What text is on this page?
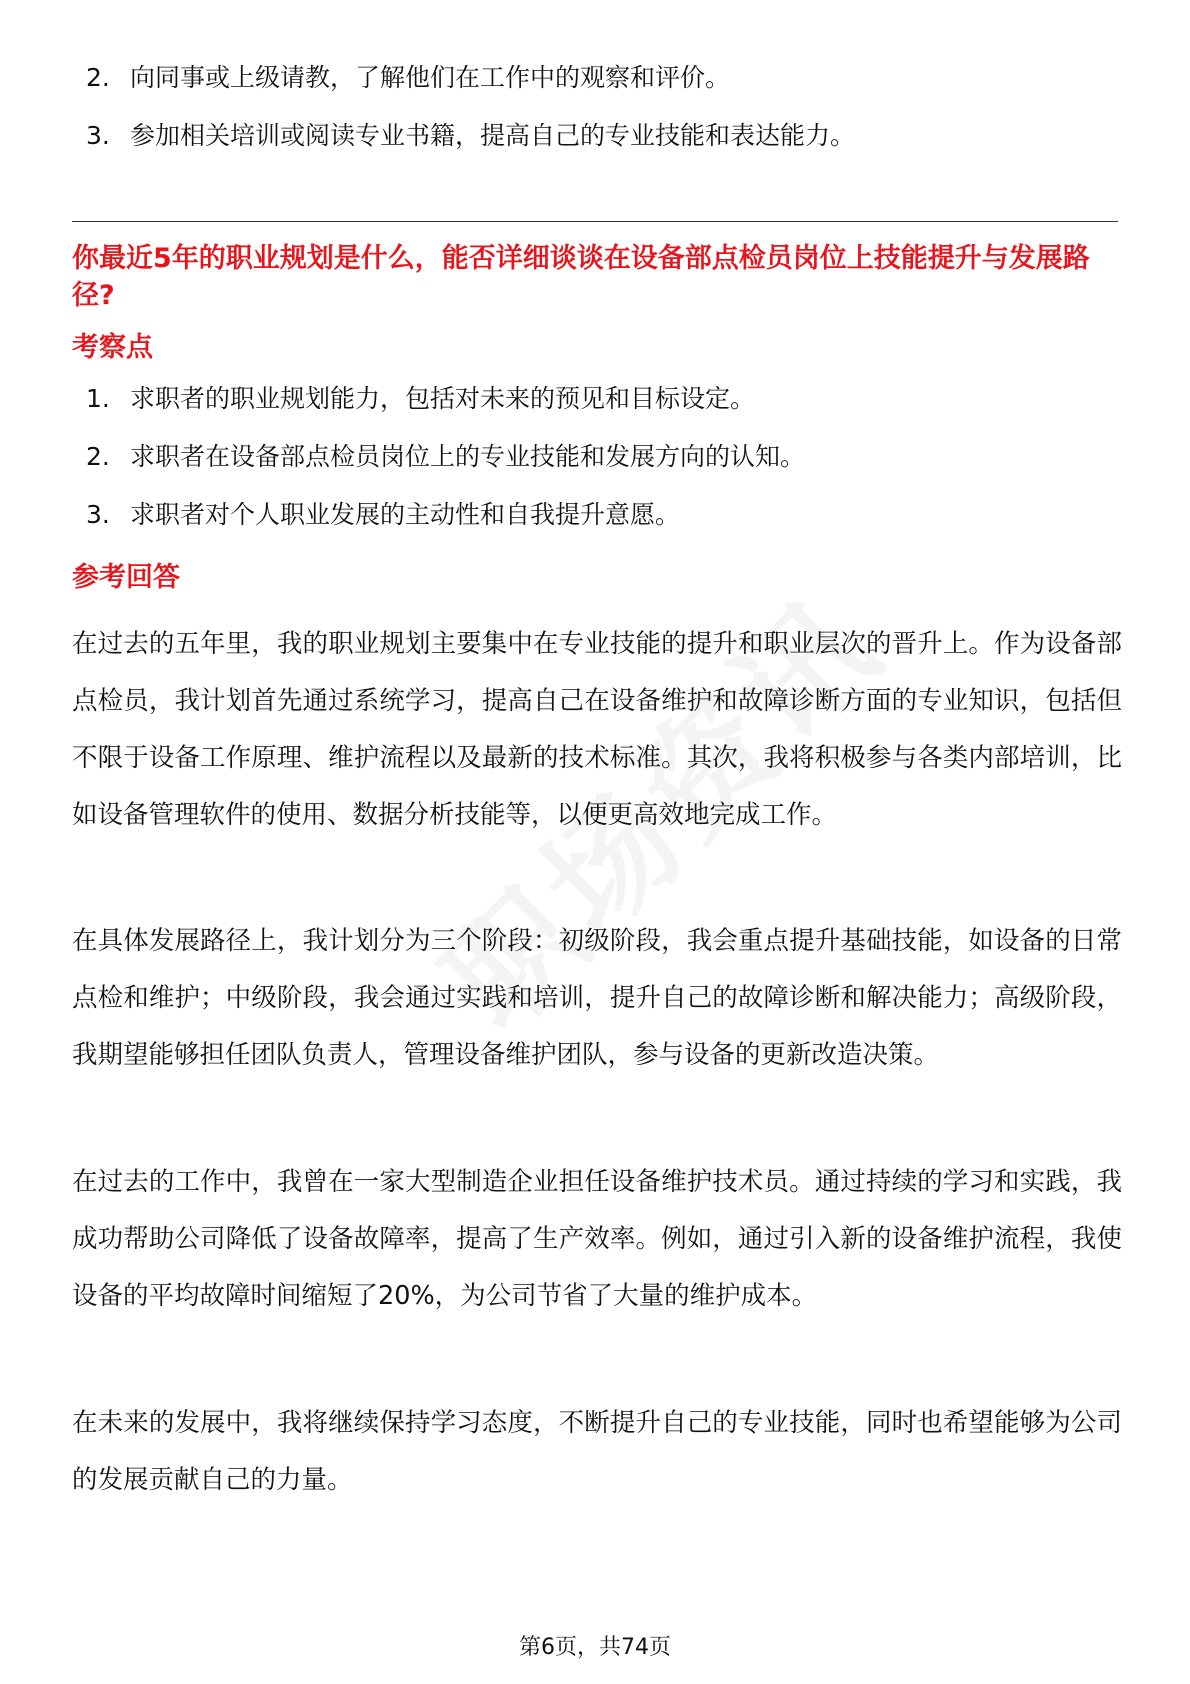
2. 向同事或上级请教，了解他们在工作中的观察和评价。
3. 参加相关培训或阅读专业书籍，提高自己的专业技能和表达能力。
你最近5年的职业规划是什么，能否详细谈谈在设备部点检员岗位上技能提升与发展路径?
考察点
1. 求职者的职业规划能力，包括对未来的预见和目标设定。
2. 求职者在设备部点检员岗位上的专业技能和发展方向的认知。
3. 求职者对个人职业发展的主动性和自我提升意愿。
参考回答

在过去的五年里，我的职业规划主要集中在专业技能的提升和职业层次的晋升上。作为设备部点检员，我计划首先通过系统学习，提高自己在设备维护和故障诊断方面的专业知识，包括但不限于设备工作原理、维护流程以及最新的技术标准。其次，我将积极参与各类内部培训，比如设备管理软件的使用、数据分析技能等，以便更高效地完成工作。

在具体发展路径上，我计划分为三个阶段：初级阶段，我会重点提升基础技能，如设备的日常点检和维护；中级阶段，我会通过实践和培训，提升自己的故障诊断和解决能力；高级阶段，我期望能够担任团队负责人，管理设备维护团队，参与设备的更新改造决策。

在过去的工作中，我曾在一家大型制造企业担任设备维护技术员。通过持续的学习和实践，我成功帮助公司降低了设备故障率，提高了生产效率。例如，通过引入新的设备维护流程，我使设备的平均故障时间缩短了20%，为公司节省了大量的维护成本。

在未来的发展中，我将继续保持学习态度，不断提升自己的专业技能，同时也希望能够为公司的发展贡献自己的力量。

第6页，共74页
